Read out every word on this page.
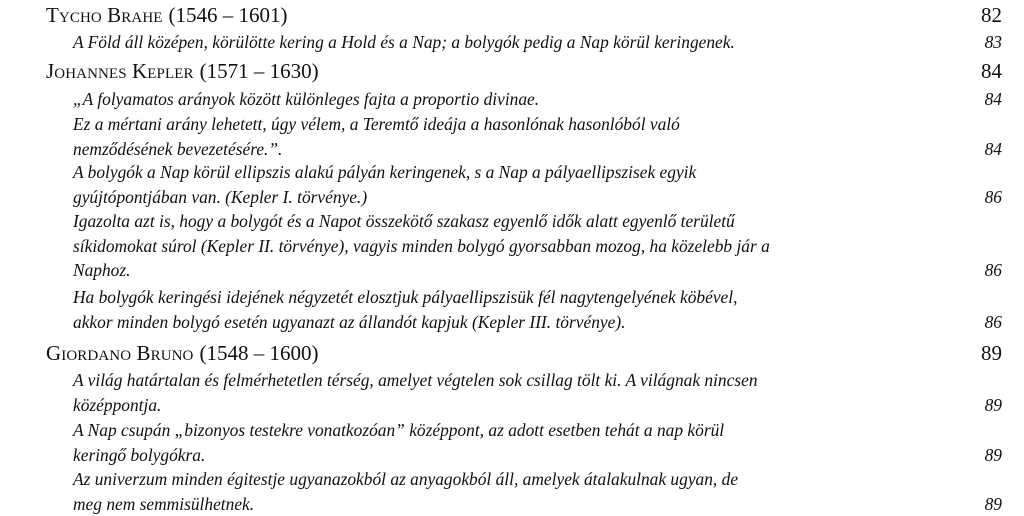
Tycho Brahe (1546 – 1601)	82
A Föld áll középen, körülötte kering a Hold és a Nap; a bolygók pedig a Nap körül keringenek.	83
Johannes Kepler (1571 – 1630)	84
„A folyamatos arányok között különleges fajta a proportio divinae.	84
Ez a mértani arány lehetett, úgy vélem, a Teremtő ideája a hasonlónak hasonlóból való
nemződésének bevezetésére.”.	84
A bolygók a Nap körül ellipszis alakú pályán keringenek, s a Nap a pályaellipszisek egyik
gyújtópontjában van. (Kepler I. törvénye.)	86
Igazolta azt is, hogy a bolygót és a Napot összekötő szakasz egyenlő idők alatt egyenlő területű
síkidomokat súrol (Kepler II. törvénye), vagyis minden bolygó gyorsabban mozog, ha közelebb jár a
Naphoz.	86
Ha bolygók keringési idejének négyzetét elosztjuk pályaellipszisük fél nagytengelyének köbével,
akkor minden bolygó esetén ugyanazt az állandót kapjuk (Kepler III. törvénye).	86
Giordano Bruno (1548 – 1600)	89
A világ határtalan és felmérhetetlen térség, amelyet végtelen sok csillag tölt ki. A világnak nincsen
középpontja.	89
A Nap csupán „bizonyos testekre vonatkozóan” középpont, az adott esetben tehát a nap körül
keringő bolygókra.	89
Az univerzum minden égitestje ugyanazokból az anyagokból áll, amelyek átalakulnak ugyan, de
meg nem semmisülhetnek.	89
